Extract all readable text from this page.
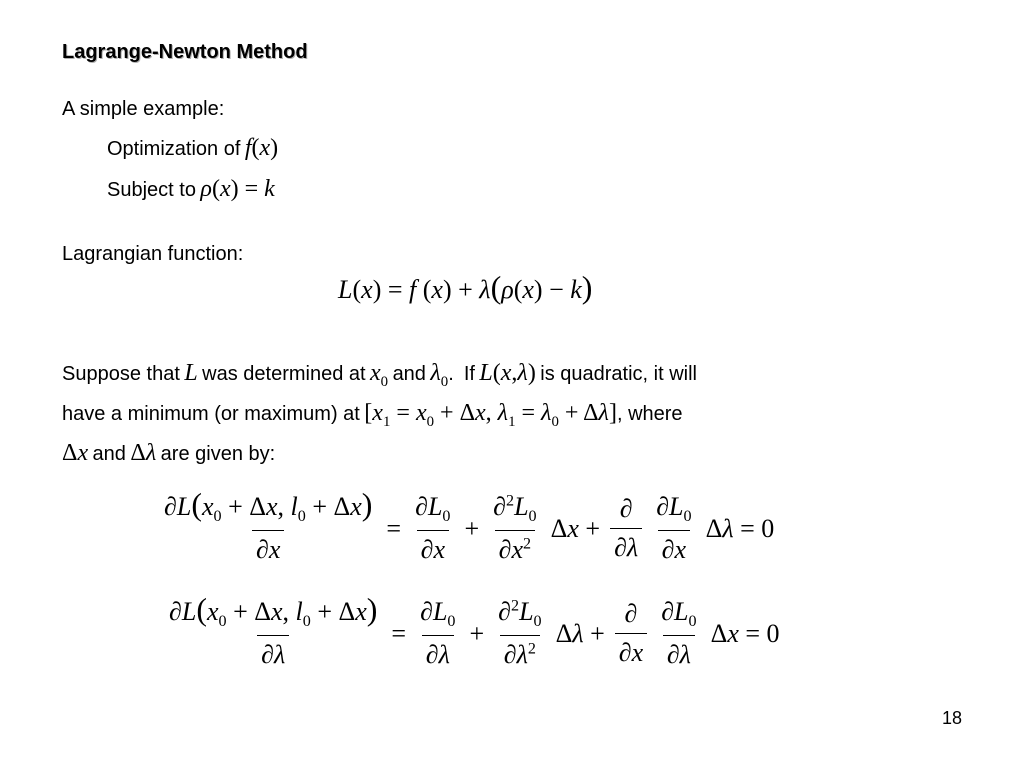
Lagrange-Newton Method
A simple example:
Optimization of f(x)
Subject to ρ(x) = k
Lagrangian function:
L(x) = f (x) + λ(ρ(x) − k)
Suppose that L was determined at $x_0$ and $\lambda_0$.  If L(x,λ) is quadratic, it will
have a minimum (or maximum) at [$x_1 = x_0 + \Delta x$, $\lambda_1 = \lambda_0 + \Delta\lambda$], where
Δx and Δλ are given by:
$\frac{\partial L(x_0 + \Delta x, l_0 + \Delta x)}{\partial x} = \frac{\partial L_0}{\partial x} + \frac{\partial^2L_0}{\partial x^2}$ $\Delta x + \frac{\partial}{\partial\lambda} \frac{\partial L_0}{\partial x}$ Δλ = 0
$\frac{\partial L(x_0 + \Delta x, l_0 + \Delta x)}{\partial\lambda} = \frac{\partial L_0}{\partial\lambda} + \frac{\partial^2L_0}{\partial\lambda^2}$ $\Delta\lambda + \frac{\partial}{\partial x} \frac{\partial L_0}{\partial\lambda}$ Δx = 0
18
